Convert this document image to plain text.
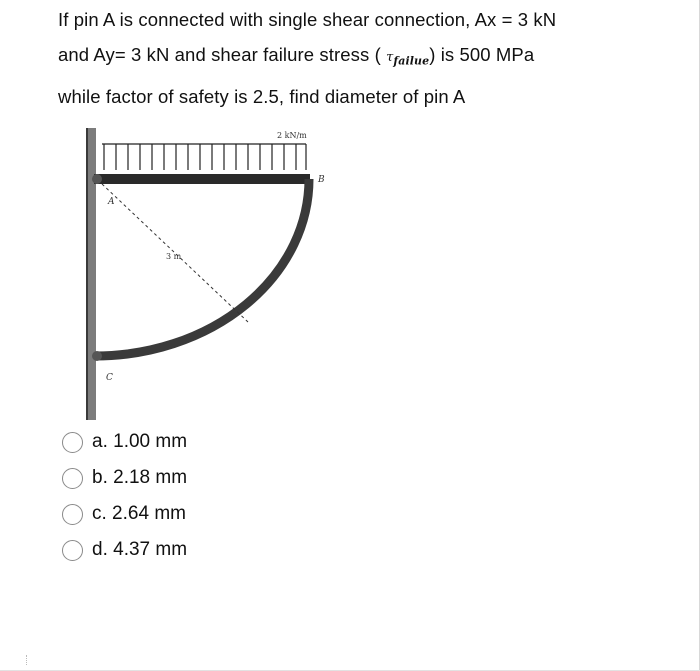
If pin A is connected with single shear connection, Ax = 3 kN
and Ay= 3 kN and shear failure stress ( $\tau_{failue}$) is 500 MPa
while factor of safety is 2.5, find diameter of pin A
2 kN/m
3 m
A
B
C
a. 1.00 mm
b. 2.18 mm
c. 2.64 mm
d. 4.37 mm
